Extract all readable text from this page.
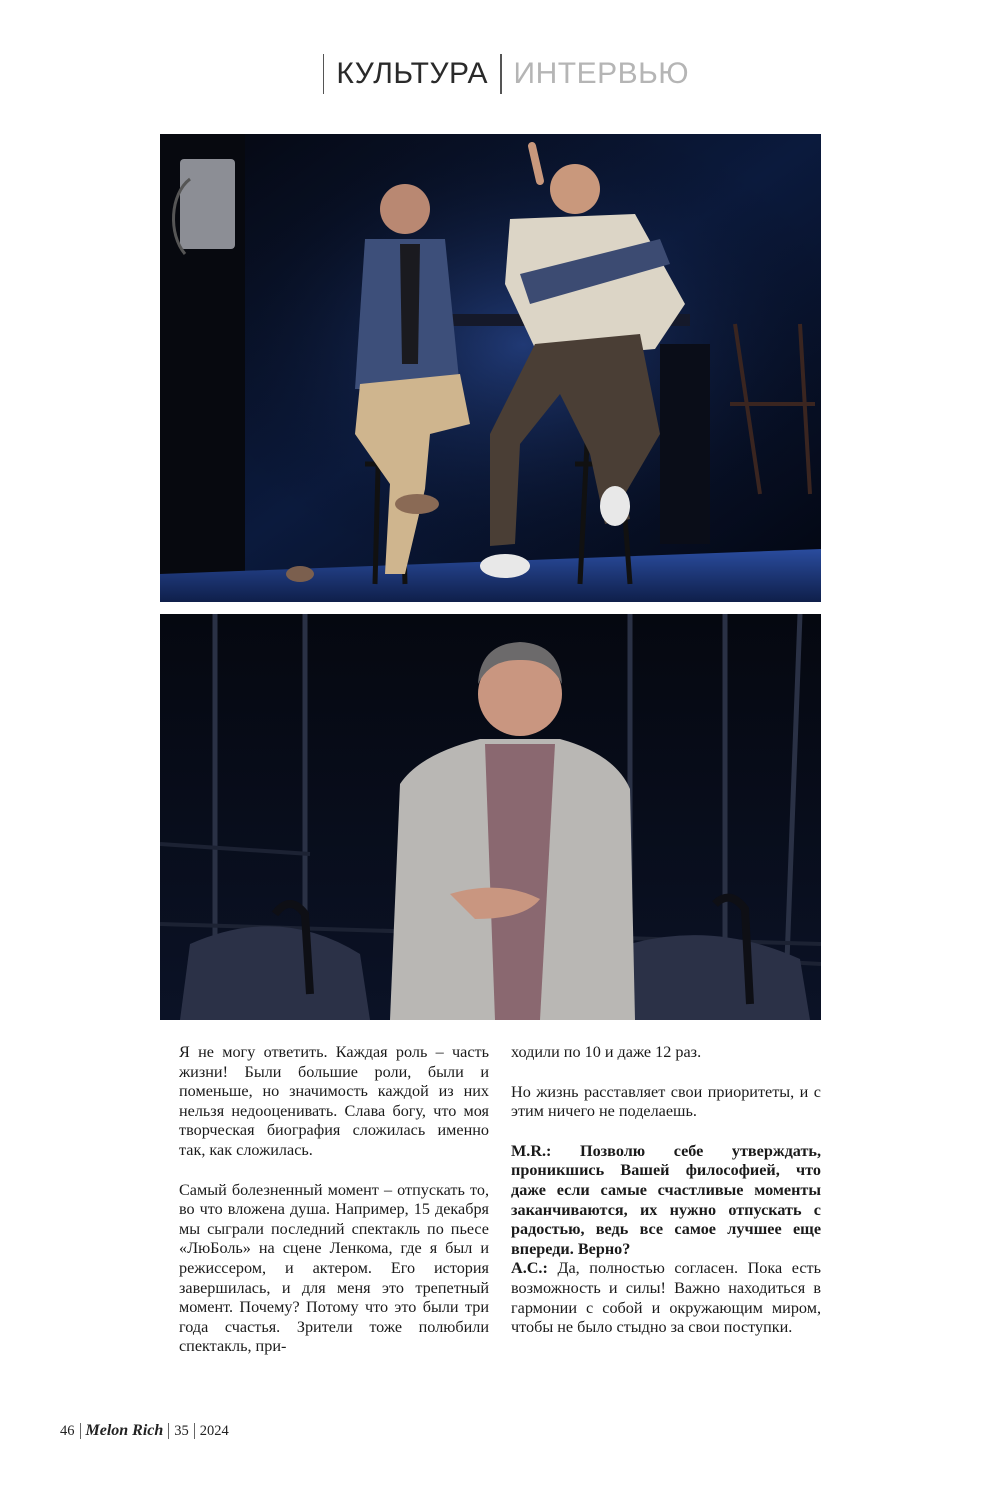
КУЛЬТУРА ИНТЕРВЬЮ

Я не могу ответить. Каждая роль – часть жизни! Были большие роли, были и поменьше, но значимость каждой из них нельзя недооценивать. Слава богу, что моя творческая биография сложилась именно так, как сложилась.

Самый болезненный момент – отпускать то, во что вложена душа. Например, 15 декабря мы сыграли последний спектакль по пьесе «ЛюБоль» на сцене Ленкома, где я был и режиссером, и актером. Его история завершилась, и для меня это трепетный момент. Почему? Потому что это были три года счастья. Зрители тоже полюбили спектакль, при-

ходили по 10 и даже 12 раз.

Но жизнь расставляет свои приоритеты, и с этим ничего не поделаешь.

M.R.: Позволю себе утверждать, проникшись Вашей философией, что даже если самые счастливые моменты заканчиваются, их нужно отпускать с радостью, ведь все самое лучшее еще впереди. Верно?

А.С.: Да, полностью согласен. Пока есть возможность и силы! Важно находиться в гармонии с собой и окружающим миром, чтобы не было стыдно за свои поступки.

46 Melon Rich 35 2024
